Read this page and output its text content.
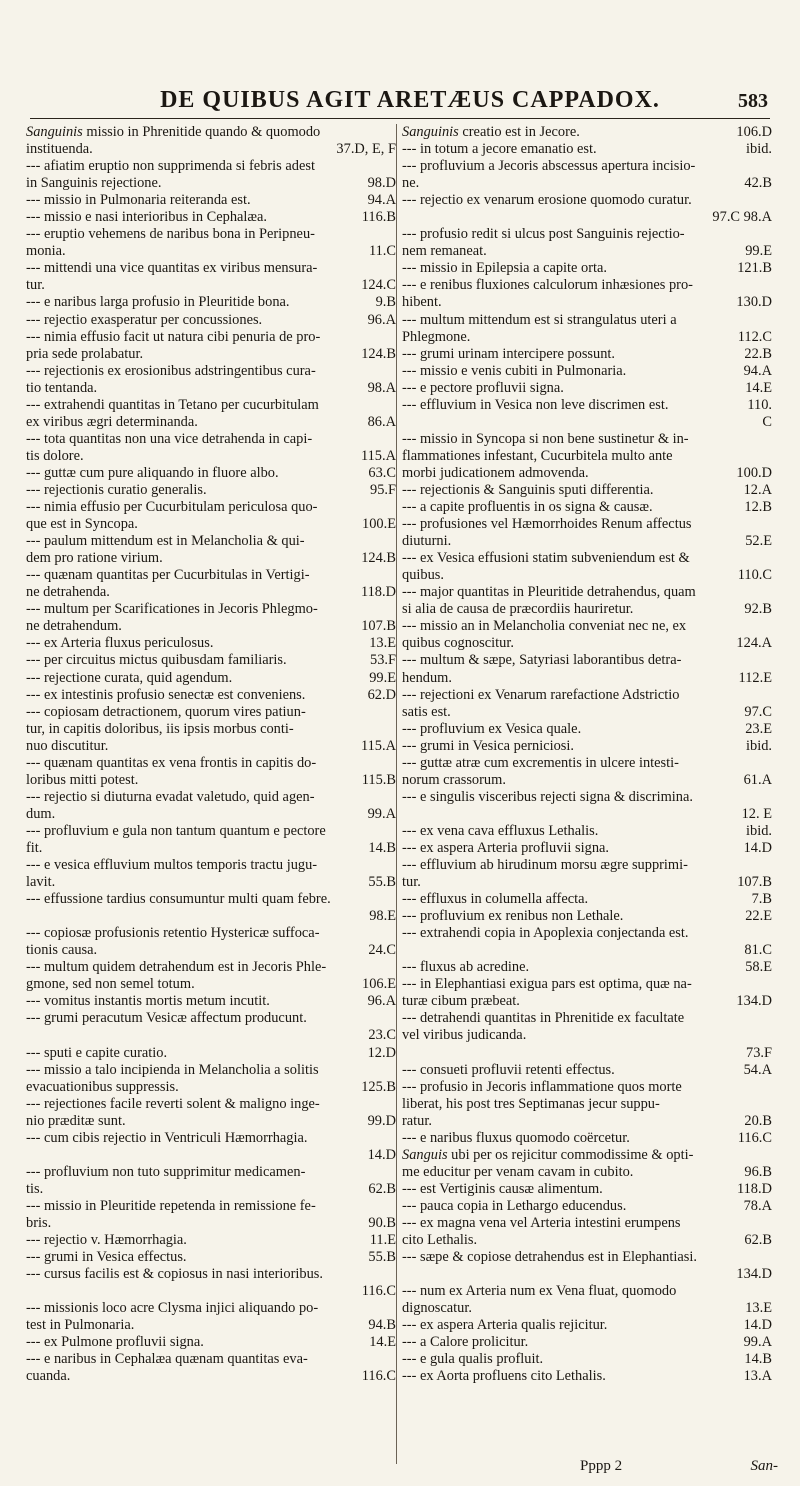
DE QUIBUS AGIT ARETÆUS CAPPADOX.	583
Sanguinis missio in Phrenitide quando & quomodo
37.D, E, F
instituenda.
--- afiatim eruptio non supprimenda si febris adest
98.D
in Sanguinis rejectione.
--- 94.A
missio in Pulmonaria reiteranda est.
--- 116.B
missio e nasi interioribus in Cephalæa.
--- eruptio vehemens de naribus bona in Peripneu-
11.C
monia.
--- mittendi una vice quantitas ex viribus mensura-
124.C
tur.
--- 9.B
e naribus larga profusio in Pleuritide bona.
--- 96.A
rejectio exasperatur per concussiones.
--- nimia effusio facit ut natura cibi penuria de pro-
124.B
pria sede prolabatur.
--- rejectionis ex erosionibus adstringentibus cura-
98.A
tio tentanda.
--- extrahendi quantitas in Tetano per cucurbitulam
86.A
ex viribus ægri determinanda.
--- tota quantitas non una vice detrahenda in capi-
115.A
tis dolore.
--- 63.C
guttæ cum pure aliquando in fluore albo.
--- 95.F
rejectionis curatio generalis.
--- nimia effusio per Cucurbitulam periculosa quo-
100.E
que est in Syncopa.
--- paulum mittendum est in Melancholia & qui-
124.B
dem pro ratione virium.
--- quænam quantitas per Cucurbitulas in Vertigi-
118.D
ne detrahenda.
--- multum per Scarificationes in Jecoris Phlegmo-
107.B
ne detrahendum.
--- 13.E
ex Arteria fluxus periculosus.
--- 53.F
per circuitus mictus quibusdam familiaris.
--- 99.E
rejectione curata, quid agendum.
--- 62.D
ex intestinis profusio senectæ est conveniens.
--- copiosam detractionem, quorum vires patiun-
tur, in capitis doloribus, iis ipsis morbus conti-
115.A
nuo discutitur.
--- quænam quantitas ex vena frontis in capitis do-
115.B
loribus mitti potest.
--- rejectio si diuturna evadat valetudo, quid agen-
99.A
dum.
--- profluvium e gula non tantum quantum e pectore
14.B
fit.
--- e vesica effluvium multos temporis tractu jugu-
55.B
lavit.
--- effussione tardius consumuntur multi quam febre.
98.E
--- copiosæ profusionis retentio Hystericæ suffoca-
24.C
tionis causa.
--- multum quidem detrahendum est in Jecoris Phle-
106.E
gmone, sed non semel totum.
--- 96.A
vomitus instantis mortis metum incutit.
--- grumi peracutum Vesicæ affectum producunt.
23.C
--- 12.D
sputi e capite curatio.
--- missio a talo incipienda in Melancholia a solitis
125.B
evacuationibus suppressis.
--- rejectiones facile reverti solent & maligno inge-
99.D
nio præditæ sunt.
--- cum cibis rejectio in Ventriculi Hæmorrhagia.
14.D
--- profluvium non tuto supprimitur medicamen-
62.B
tis.
--- missio in Pleuritide repetenda in remissione fe-
90.B
bris.
--- 11.E
rejectio v. Hæmorrhagia.
--- 55.B
grumi in Vesica effectus.
--- cursus facilis est & copiosus in nasi interioribus.
116.C
--- missionis loco acre Clysma injici aliquando po-
94.B
test in Pulmonaria.
--- 14.E
ex Pulmone profluvii signa.
--- e naribus in Cephalæa quænam quantitas eva-
116.C
cuanda.
106.D
Sanguinis creatio est in Jecore.
--- ibid.
in totum a jecore emanatio est.
--- profluvium a Jecoris abscessus apertura incisio-
42.B
ne.
--- rejectio ex venarum erosione quomodo curatur.
97.C 98.A
--- profusio redit si ulcus post Sanguinis rejectio-
99.E
nem remaneat.
--- 121.B
missio in Epilepsia a capite orta.
--- e renibus fluxiones calculorum inhæsiones pro-
130.D
hibent.
--- multum mittendum est si strangulatus uteri a
112.C
Phlegmone.
--- 22.B
grumi urinam intercipere possunt.
--- 94.A
missio e venis cubiti in Pulmonaria.
--- 14.E
e pectore profluvii signa.
--- 110.
effluvium in Vesica non leve discrimen est.
C
--- missio in Syncopa si non bene sustinetur & in-
flammationes infestant, Cucurbitela multo ante
100.D
morbi judicationem admovenda.
--- 12.A
rejectionis & Sanguinis sputi differentia.
--- 12.B
a capite profluentis in os signa & causæ.
--- profusiones vel Hæmorrhoides Renum affectus
52.E
diuturni.
--- ex Vesica effusioni statim subveniendum est &
110.C
quibus.
--- major quantitas in Pleuritide detrahendus, quam
92.B
si alia de causa de præcordiis hauriretur.
--- missio an in Melancholia conveniat nec ne, ex
124.A
quibus cognoscitur.
--- multum & sæpe, Satyriasi laborantibus detra-
112.E
hendum.
--- rejectioni ex Venarum rarefactione Adstrictio
97.C
satis est.
--- 23.E
profluvium ex Vesica quale.
--- ibid.
grumi in Vesica perniciosi.
--- guttæ atræ cum excrementis in ulcere intesti-
61.A
norum crassorum.
--- e singulis visceribus rejecti signa & discrimina.
12. E
--- ibid.
ex vena cava effluxus Lethalis.
--- 14.D
ex aspera Arteria profluvii signa.
--- effluvium ab hirudinum morsu ægre supprimi-
107.B
tur.
--- 7.B
effluxus in columella affecta.
--- 22.E
profluvium ex renibus non Lethale.
--- extrahendi copia in Apoplexia conjectanda est.
81.C
--- 58.E
fluxus ab acredine.
--- in Elephantiasi exigua pars est optima, quæ na-
134.D
turæ cibum præbeat.
--- detrahendi quantitas in Phrenitide ex facultate
vel viribus judicanda.
73.F
--- 54.A
consueti profluvii retenti effectus.
--- profusio in Jecoris inflammatione quos morte
liberat, his post tres Septimanas jecur suppu-
20.B
ratur.
--- 116.C
e naribus fluxus quomodo coërcetur.
Sanguis ubi per os rejicitur commodissime & opti-
96.B
me educitur per venam cavam in cubito.
--- 118.D
est Vertiginis causæ alimentum.
--- 78.A
pauca copia in Lethargo educendus.
--- ex magna vena vel Arteria intestini erumpens
62.B
cito Lethalis.
--- sæpe & copiose detrahendus est in Elephantiasi.
134.D
--- num ex Arteria num ex Vena fluat, quomodo
13.E
dignoscatur.
--- 14.D
ex aspera Arteria qualis rejicitur.
--- 99.A
a Calore prolicitur.
--- 14.B
e gula qualis profluit.
--- 13.A
ex Aorta profluens cito Lethalis.
Pppp 2	San-
